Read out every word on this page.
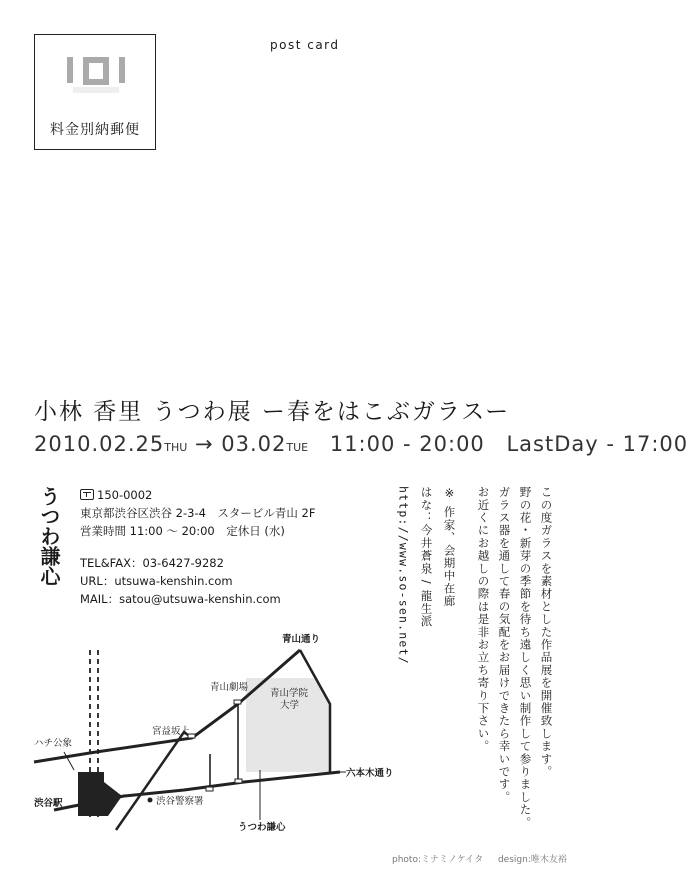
料金別納郵便
post card
小林 香里 うつわ展 ー春をはこぶガラスー
2010.02.25THU → 03.02TUE 11:00 - 20:00 LastDay - 17:00
うつわ謙心	150-0002
東京都渋谷区渋谷 2-3-4　スタービル青山 2F
営業時間 11:00 〜 20:00　定休日 (水)
TEL&FAX：03-6427-9282
URL：utsuwa-kenshin.com
MAIL：satou@utsuwa-kenshin.com	この度ガラスを素材とした作品展を開催致します。
野の花・新芽の季節を待ち遠しく思い制作して参りました。
ガラス器を通して春の気配をお届けできたら幸いです。
お近くにお越しの際は是非お立ち寄り下さい。
※ 作家、会期中在廊
はな：今井蒼泉 / 龍生派
http://www.so-sen.net/
青山通り
青山劇場
青山学院
大学
宮益坂上
ハチ公象
渋谷駅	渋谷警察署
六本木通り
うつわ謙心
photo:ミナミノケイタ design:唯木友裕
